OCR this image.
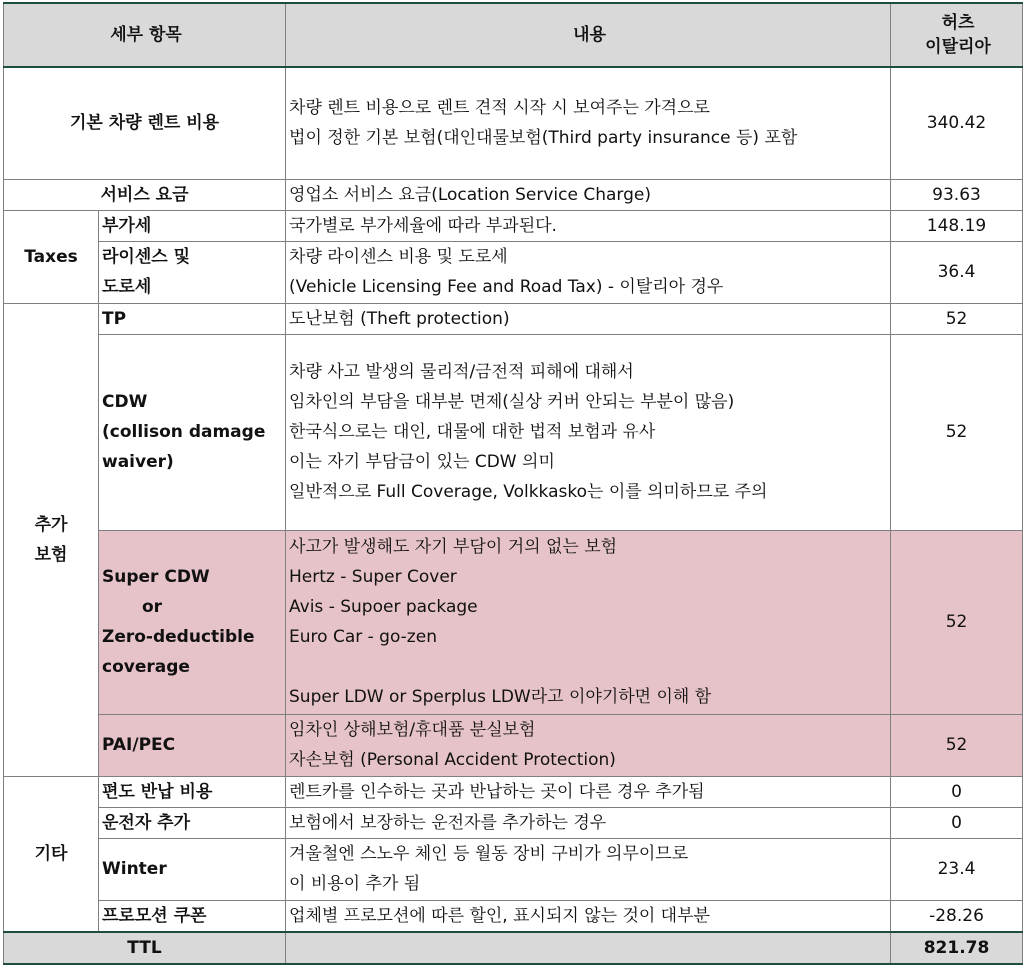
세부 항목		내용	허츠
이탈리아

기본 차량 렌트 비용		차량 렌트 비용으로 렌트 견적 시작 시 보여주는 가격으로
법이 정한 기본 보험(대인대물보험(Third party insurance 등) 포함	340.42
서비스 요금		영업소 서비스 요금(Location Service Charge)	93.63
Taxes	부가세	국가별로 부가세율에 따라 부과된다.	148.19

	라이센스 및
도로세	차량 라이센스 비용 및 도로세
(Vehicle Licensing Fee and Road Tax) - 이탈리아 경우	36.4

추가
보험	TP	도난보험 (Theft protection)	52

	CDW
(collison damage
waiver)	차량 사고 발생의 물리적/금전적 피해에 대해서
임차인의 부담을 대부분 면제(실상 커버 안되는 부분이 많음)
한국식으로는 대인, 대물에 대한 법적 보험과 유사
이는 자기 부담금이 있는 CDW 의미
일반적으로 Full Coverage, Volkkasko는 이를 의미하므로 주의	52

	Super CDW
or
Zero-deductible
coverage	사고가 발생해도 자기 부담이 거의 없는 보험
Hertz - Super Cover
Avis - Supoer package
Euro Car - go-zen

Super LDW or Sperplus LDW라고 이야기하면 이해 함	52
	PAI/PEC	임차인 상해보험/휴대품 분실보험
자손보험 (Personal Accident Protection)	52
기타	편도 반납 비용	렌트카를 인수하는 곳과 반납하는 곳이 다른 경우 추가됨	0
	운전자 추가	보험에서 보장하는 운전자를 추가하는 경우	0
	Winter	겨울철엔 스노우 체인 등 월동 장비 구비가 의무이므로
이 비용이 추가 됨	23.4
	프로모션 쿠폰	업체별 프로모션에 따른 할인, 표시되지 않는 것이 대부분	-28.26
TTL			821.78
